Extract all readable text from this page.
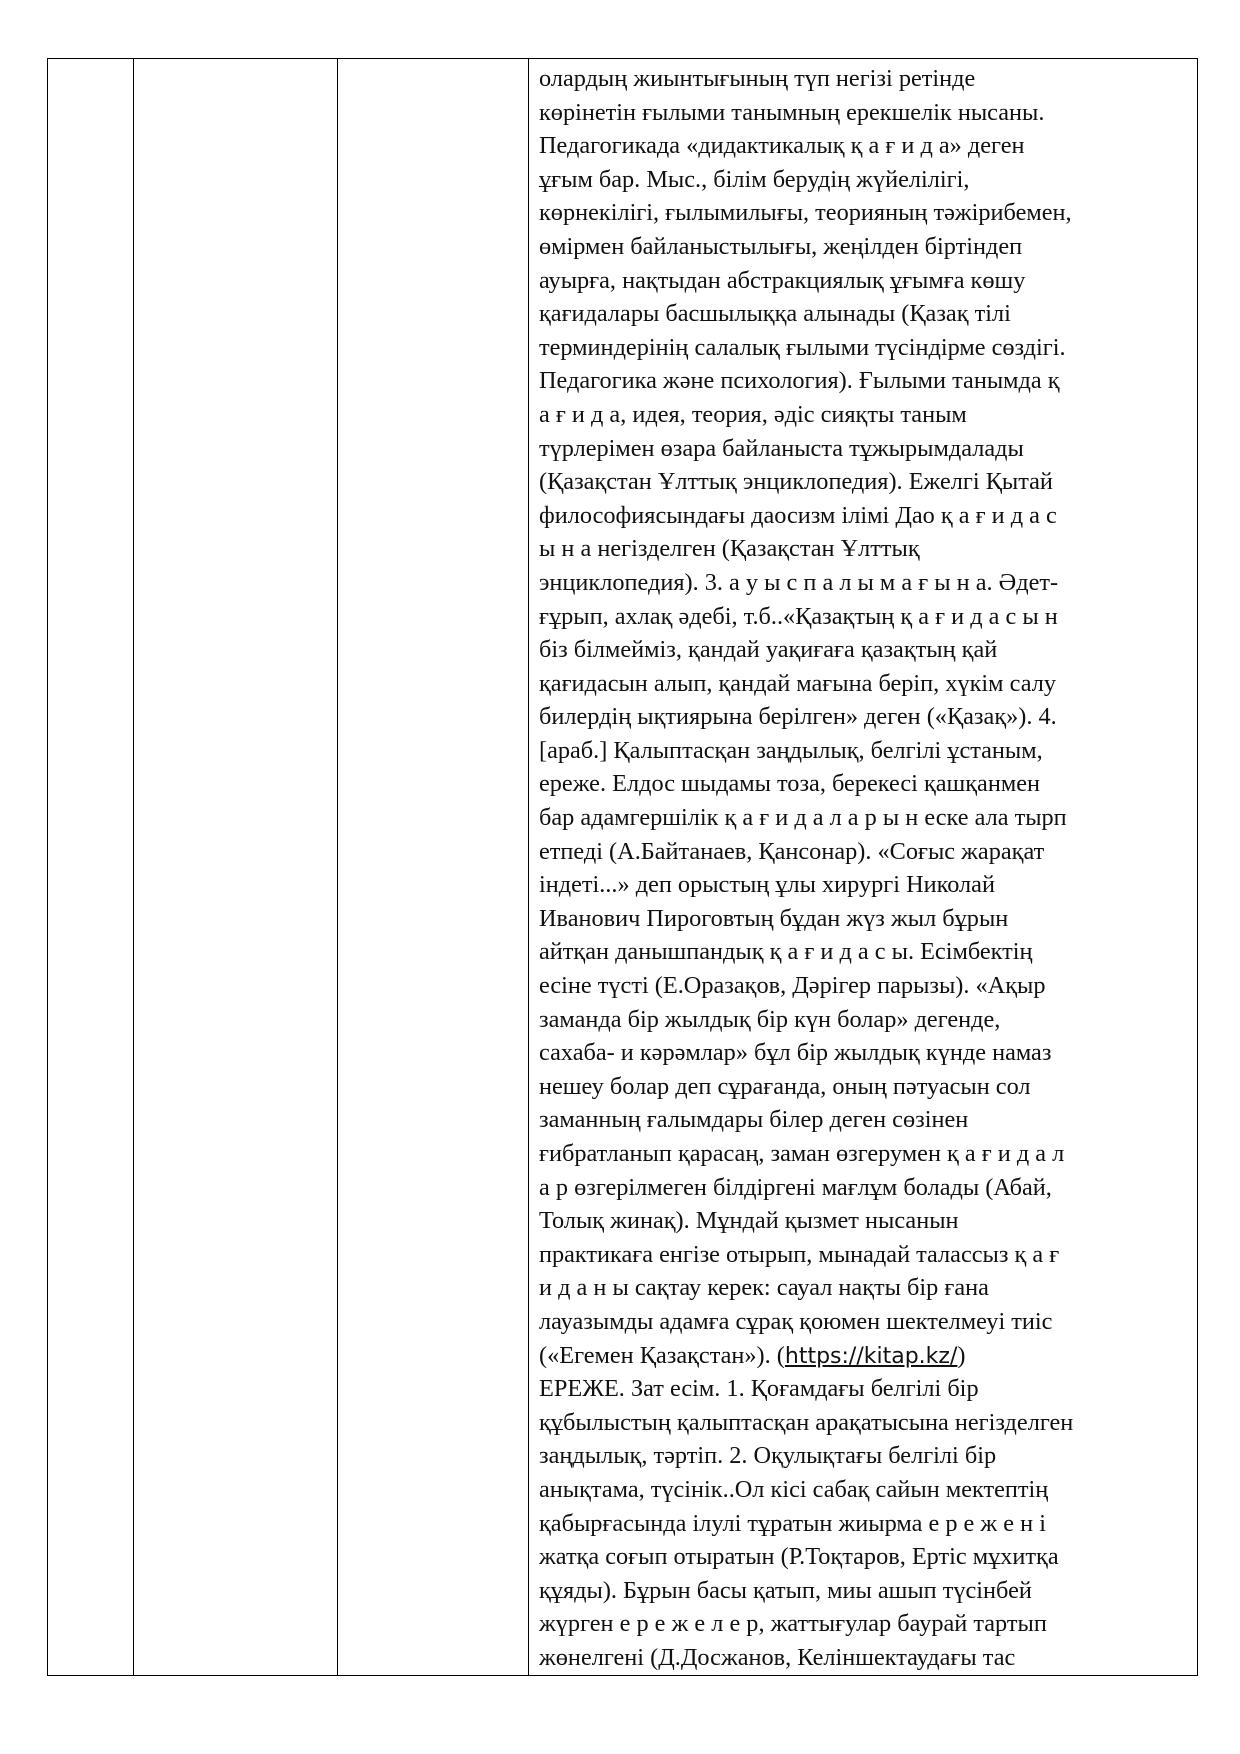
олардың жиынтығының түп негізі ретінде
көрінетін ғылыми танымның ерекшелік нысаны.
Педагогикада «дидактикалық қ а ғ и д а» деген
ұғым бар. Мыс., білім берудің жүйелілігі,
көрнекілігі, ғылымилығы, теорияның тәжірибемен,
өмірмен байланыстылығы, жеңілден біртіндеп
ауырға, нақтыдан абстракциялық ұғымға көшу
қағидалары басшылыққа алынады (Қазақ тілі
терминдерінің салалық ғылыми түсіндірме сөздігі.
Педагогика және психология). Ғылыми танымда қ
а ғ и д а, идея, теория, әдіс сияқты таным
түрлерімен өзара байланыста тұжырымдалады
(Қазақстан Ұлттық энциклопедия). Ежелгі Қытай
философиясындағы даосизм ілімі Дао қ а ғ и д а с
ы н а негізделген (Қазақстан Ұлттық
энциклопедия). 3. а у ы с п а л ы м а ғ ы н а. Әдет-
ғұрып, ахлақ әдебі, т.б..«Қазақтың қ а ғ и д а с ы н
біз білмейміз, қандай уақиғаға қазақтың қай
қағидасын алып, қандай мағына беріп, хүкім салу
билердің ықтиярына берілген» деген («Қазақ»). 4.
[араб.] Қалыптасқан заңдылық, белгілі ұстаным,
ереже. Елдос шыдамы тоза, берекесі қашқанмен
бар адамгершілік қ а ғ и д а л а р ы н еске ала тырп
етпеді (А.Байтанаев, Қансонар). «Соғыс жарақат
індеті...» деп орыстың ұлы хирургі Николай
Иванович Пироговтың бұдан жүз жыл бұрын
айтқан данышпандық қ а ғ и д а с ы. Есімбектің
есіне түсті (Е.Оразақов, Дәрігер парызы). «Ақыр
заманда бір жылдық бір күн болар» дегенде,
сахаба- и кәрәмлар» бұл бір жылдық күнде намаз
нешеу болар деп сұрағанда, оның пәтуасын сол
заманның ғалымдары білер деген сөзінен
ғибратланып қарасаң, заман өзгерумен қ а ғ и д а л
а р өзгерілмеген білдіргені мағлұм болады (Абай,
Толық жинақ). Мұндай қызмет нысанын
практикаға енгізе отырып, мынадай талассыз қ а ғ
и д а н ы сақтау керек: сауал нақты бір ғана
лауазымды адамға сұрақ қоюмен шектелмеуі тиіс
(«Егемен Қазақстан»). (https://kitap.kz/)
ЕРЕЖЕ. Зат есім. 1. Қоғамдағы белгілі бір
құбылыстың қалыптасқан арақатысына негізделген
заңдылық, тәртіп. 2. Оқулықтағы белгілі бір
анықтама, түсінік..Ол кісі сабақ сайын мектептің
қабырғасында ілулі тұратын жиырма е р е ж е н і
жатқа соғып отыратын (Р.Тоқтаров, Ертіс мұхитқа
құяды). Бұрын басы қатып, миы ашып түсінбей
жүрген е р е ж е л е р, жаттығулар баурай тартып
жөнелгені (Д.Досжанов, Келіншектаудағы тас
